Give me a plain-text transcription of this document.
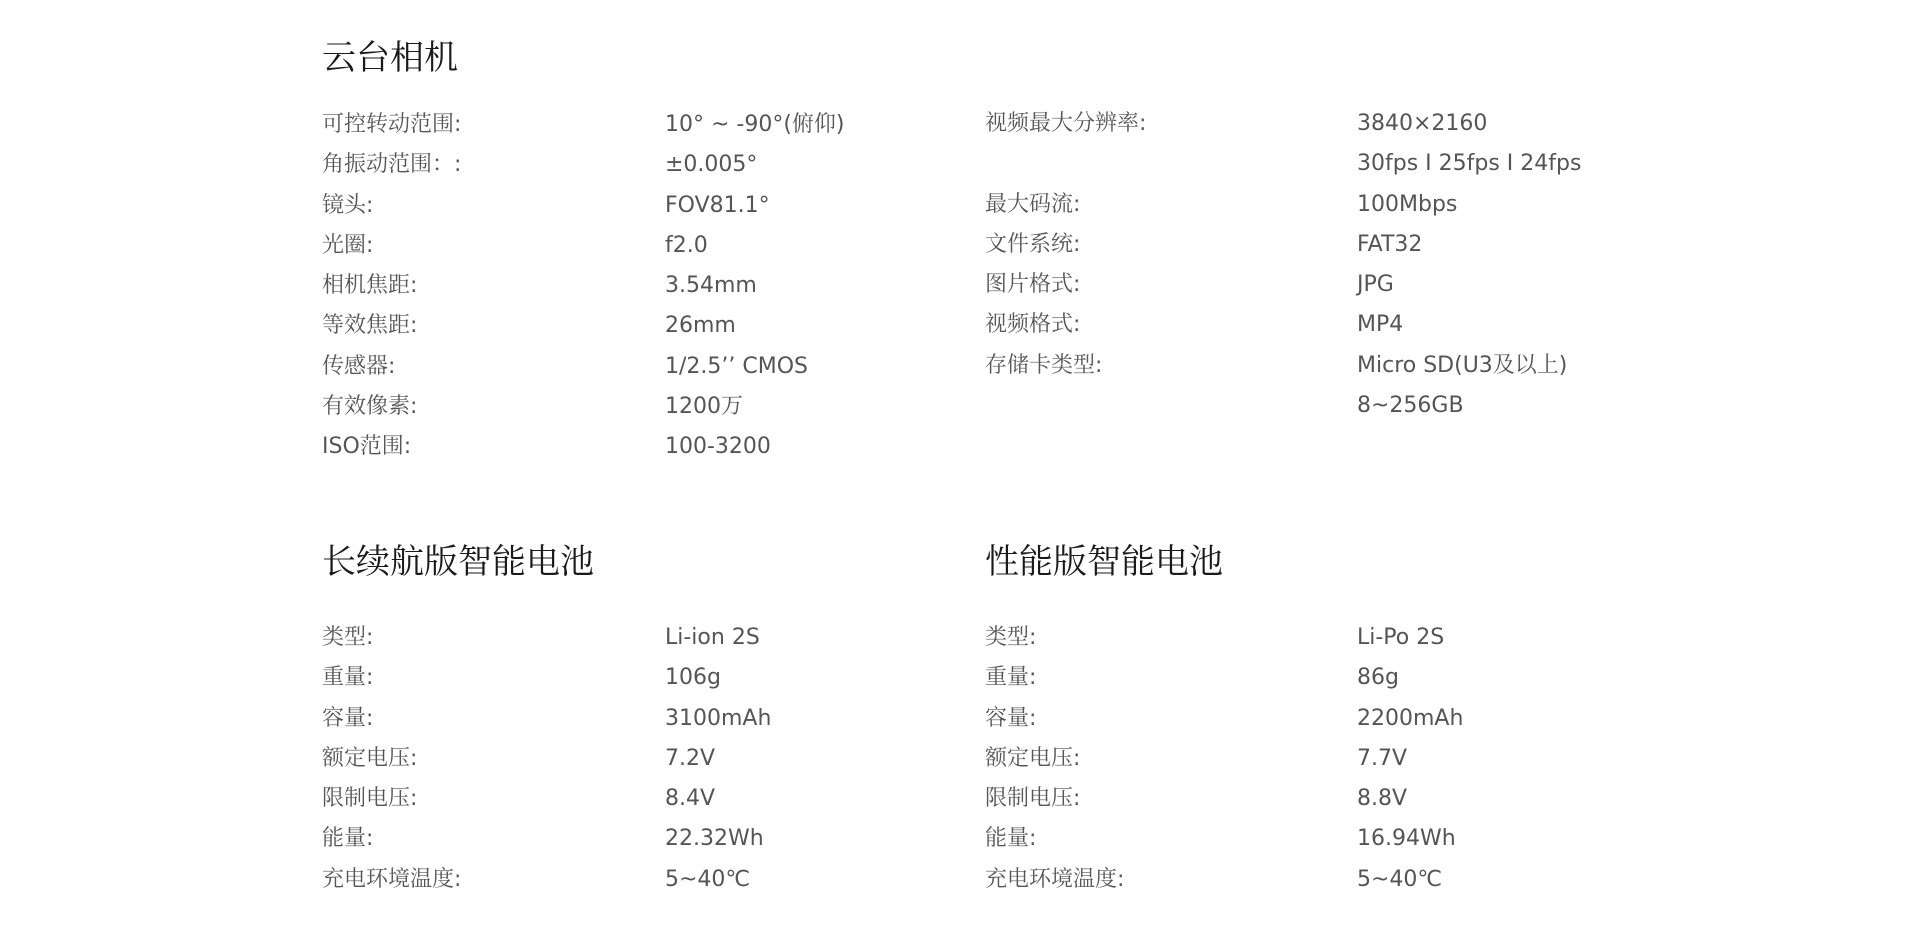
云台相机
可控转动范围:	10° ~ -90°(俯仰)
角振动范围：:	±0.005°
镜头:	FOV81.1°
光圈:	f2.0
相机焦距:	3.54mm
等效焦距:	26mm
传感器:	1/2.5’’ CMOS
有效像素:	1200万
ISO范围:	100-3200
视频最大分辨率:	3840×2160
30fps I 25fps I 24fps
最大码流:	100Mbps
文件系统:	FAT32
图片格式:	JPG
视频格式:	MP4
存储卡类型:	Micro SD(U3及以上)
8~256GB
长续航版智能电池
类型:	Li-ion 2S
重量:	106g
容量:	3100mAh
额定电压:	7.2V
限制电压:	8.4V
能量:	22.32Wh
充电环境温度:	5~40℃
性能版智能电池
类型:	Li-Po 2S
重量:	86g
容量:	2200mAh
额定电压:	7.7V
限制电压:	8.8V
能量:	16.94Wh
充电环境温度:	5~40℃
